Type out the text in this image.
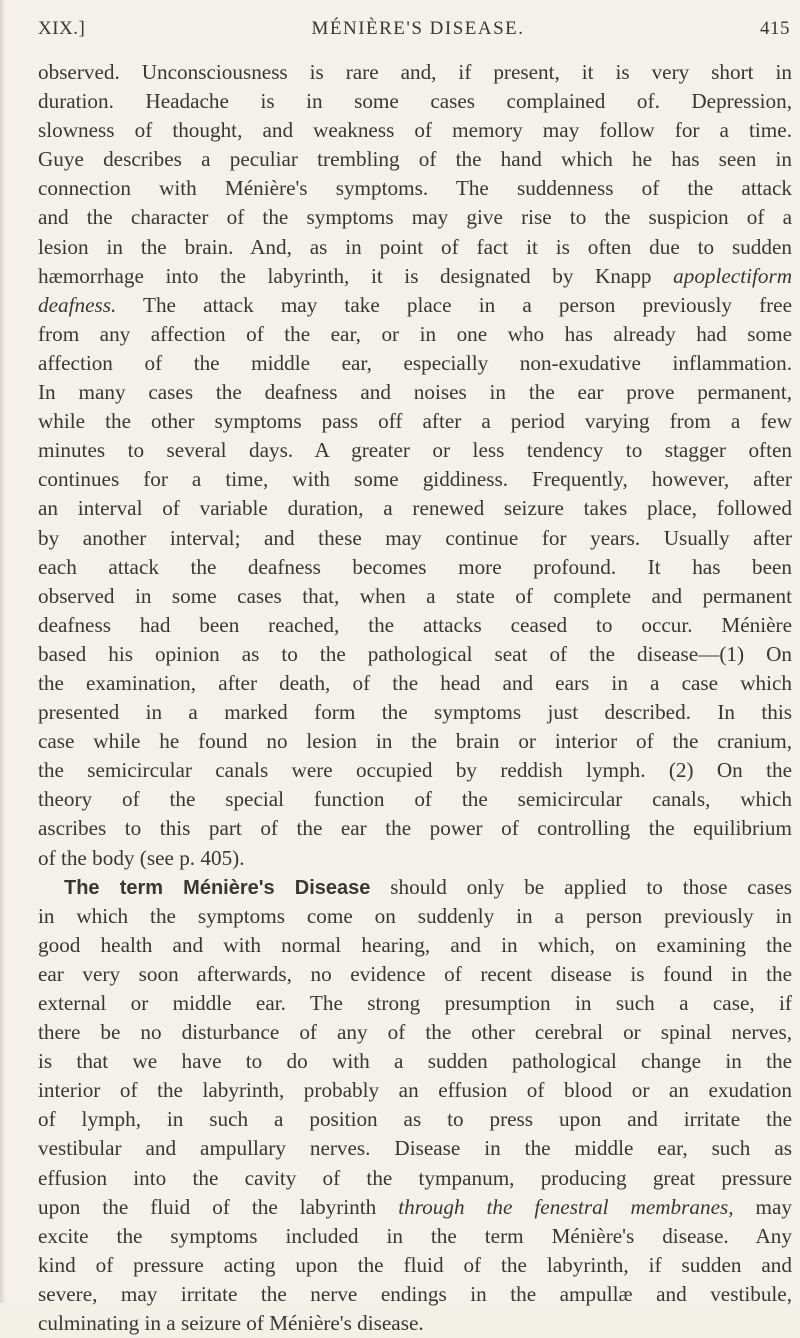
XIX.]	MÉNIÈRE'S DISEASE.	415
observed. Unconsciousness is rare and, if present, it is very short in
duration. Headache is in some cases complained of. Depression,
slowness of thought, and weakness of memory may follow for a time.
Guye describes a peculiar trembling of the hand which he has seen in
connection with Ménière's symptoms. The suddenness of the attack
and the character of the symptoms may give rise to the suspicion of a
lesion in the brain. And, as in point of fact it is often due to sudden
hæmorrhage into the labyrinth, it is designated by Knapp apoplectiform
deafness. The attack may take place in a person previously free
from any affection of the ear, or in one who has already had some
affection of the middle ear, especially non-exudative inflammation.
In many cases the deafness and noises in the ear prove permanent,
while the other symptoms pass off after a period varying from a few
minutes to several days. A greater or less tendency to stagger often
continues for a time, with some giddiness. Frequently, however, after
an interval of variable duration, a renewed seizure takes place, followed
by another interval; and these may continue for years. Usually after
each attack the deafness becomes more profound. It has been
observed in some cases that, when a state of complete and permanent
deafness had been reached, the attacks ceased to occur. Ménière
based his opinion as to the pathological seat of the disease—(1) On
the examination, after death, of the head and ears in a case which
presented in a marked form the symptoms just described. In this
case while he found no lesion in the brain or interior of the cranium,
the semicircular canals were occupied by reddish lymph. (2) On the
theory of the special function of the semicircular canals, which
ascribes to this part of the ear the power of controlling the equilibrium
of the body (see p. 405).
The term Ménière's Disease should only be applied to those cases
in which the symptoms come on suddenly in a person previously in
good health and with normal hearing, and in which, on examining the
ear very soon afterwards, no evidence of recent disease is found in the
external or middle ear. The strong presumption in such a case, if
there be no disturbance of any of the other cerebral or spinal nerves,
is that we have to do with a sudden pathological change in the
interior of the labyrinth, probably an effusion of blood or an exudation
of lymph, in such a position as to press upon and irritate the
vestibular and ampullary nerves. Disease in the middle ear, such as
effusion into the cavity of the tympanum, producing great pressure
upon the fluid of the labyrinth through the fenestral membranes, may
excite the symptoms included in the term Ménière's disease. Any
kind of pressure acting upon the fluid of the labyrinth, if sudden and
severe, may irritate the nerve endings in the ampullæ and vestibule,
culminating in a seizure of Ménière's disease.
